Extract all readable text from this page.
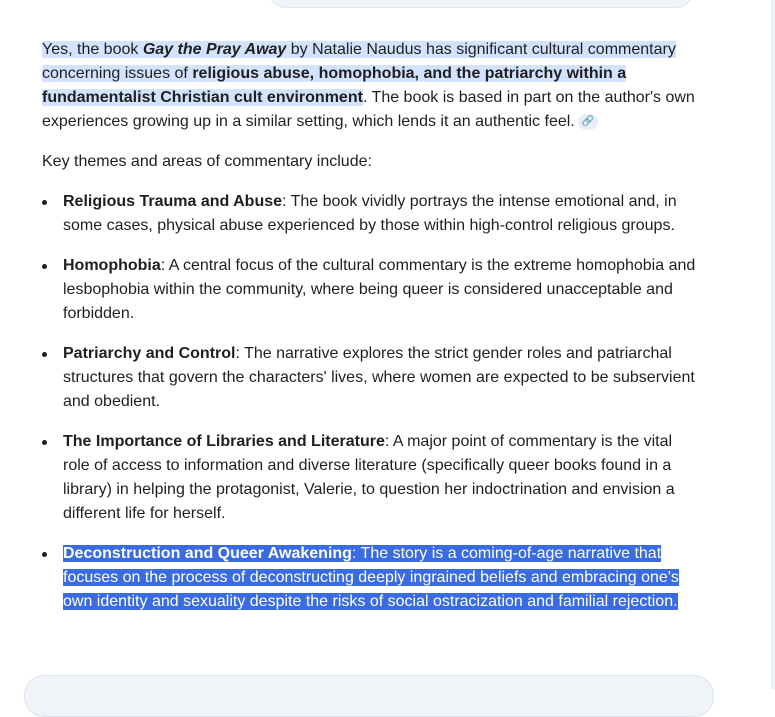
Yes, the book Gay the Pray Away by Natalie Naudus has significant cultural commentary concerning issues of religious abuse, homophobia, and the patriarchy within a fundamentalist Christian cult environment. The book is based in part on the author's own experiences growing up in a similar setting, which lends it an authentic feel. 🔗

Key themes and areas of commentary include:

Religious Trauma and Abuse: The book vividly portrays the intense emotional and, in some cases, physical abuse experienced by those within high-control religious groups.
Homophobia: A central focus of the cultural commentary is the extreme homophobia and lesbophobia within the community, where being queer is considered unacceptable and forbidden.
Patriarchy and Control: The narrative explores the strict gender roles and patriarchal structures that govern the characters' lives, where women are expected to be subservient and obedient.
The Importance of Libraries and Literature: A major point of commentary is the vital role of access to information and diverse literature (specifically queer books found in a library) in helping the protagonist, Valerie, to question her indoctrination and envision a different life for herself.
Deconstruction and Queer Awakening: The story is a coming-of-age narrative that focuses on the process of deconstructing deeply ingrained beliefs and embracing one's own identity and sexuality despite the risks of social ostracization and familial rejection.
